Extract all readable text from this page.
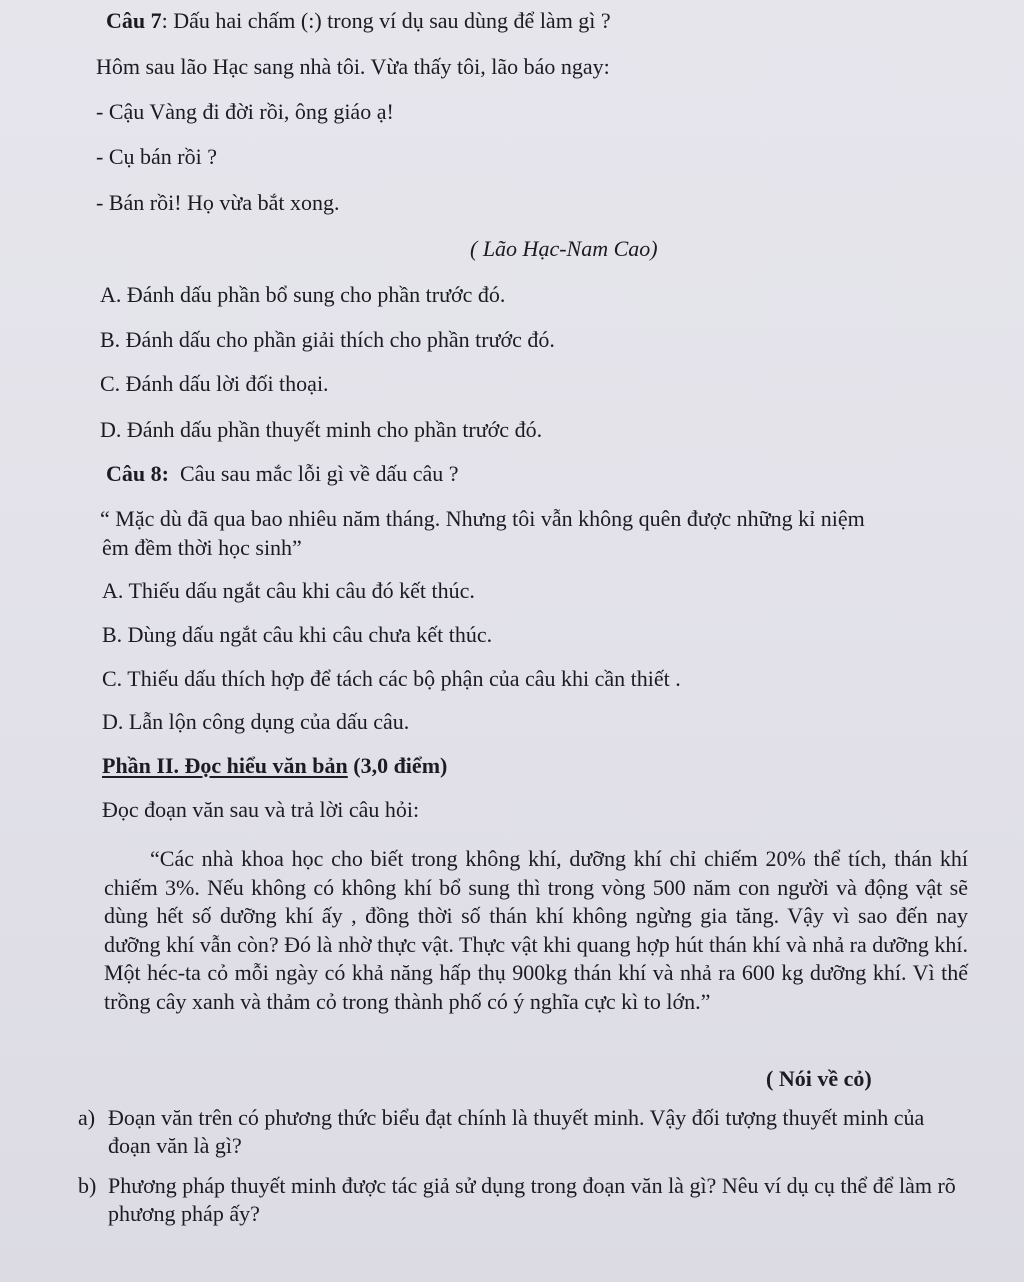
Câu 7: Dấu hai chấm (:) trong ví dụ sau dùng để làm gì ?
Hôm sau lão Hạc sang nhà tôi. Vừa thấy tôi, lão báo ngay:
- Cậu Vàng đi đời rồi, ông giáo ạ!
- Cụ bán rồi ?
- Bán rồi! Họ vừa bắt xong.
( Lão Hạc-Nam Cao)
A. Đánh dấu phần bổ sung cho phần trước đó.
B. Đánh dấu cho phần giải thích cho phần trước đó.
C. Đánh dấu lời đối thoại.
D. Đánh dấu phần thuyết minh cho phần trước đó.
Câu 8: Câu sau mắc lỗi gì về dấu câu ?
“ Mặc dù đã qua bao nhiêu năm tháng. Nhưng tôi vẫn không quên được những kỉ niệm
êm đềm thời học sinh”
A. Thiếu dấu ngắt câu khi câu đó kết thúc.
B. Dùng dấu ngắt câu khi câu chưa kết thúc.
C. Thiếu dấu thích hợp để tách các bộ phận của câu khi cần thiết .
D. Lẫn lộn công dụng của dấu câu.
Phần II. Đọc hiểu văn bản (3,0 điểm)
Đọc đoạn văn sau và trả lời câu hỏi:
“Các nhà khoa học cho biết trong không khí, dưỡng khí chỉ chiếm 20% thể tích, thán khí chiếm 3%. Nếu không có không khí bổ sung thì trong vòng 500 năm con người và động vật sẽ dùng hết số dưỡng khí ấy , đồng thời số thán khí không ngừng gia tăng. Vậy vì sao đến nay dưỡng khí vẫn còn? Đó là nhờ thực vật. Thực vật khi quang hợp hút thán khí và nhả ra dưỡng khí. Một héc-ta cỏ mỗi ngày có khả năng hấp thụ 900kg thán khí và nhả ra 600 kg dưỡng khí. Vì thế trồng cây xanh và thảm cỏ trong thành phố có ý nghĩa cực kì to lớn.”
( Nói về cỏ)
a) Đoạn văn trên có phương thức biểu đạt chính là thuyết minh. Vậy đối tượng thuyết minh của đoạn văn là gì?
b) Phương pháp thuyết minh được tác giả sử dụng trong đoạn văn là gì? Nêu ví dụ cụ thể để làm rõ phương pháp ấy?
